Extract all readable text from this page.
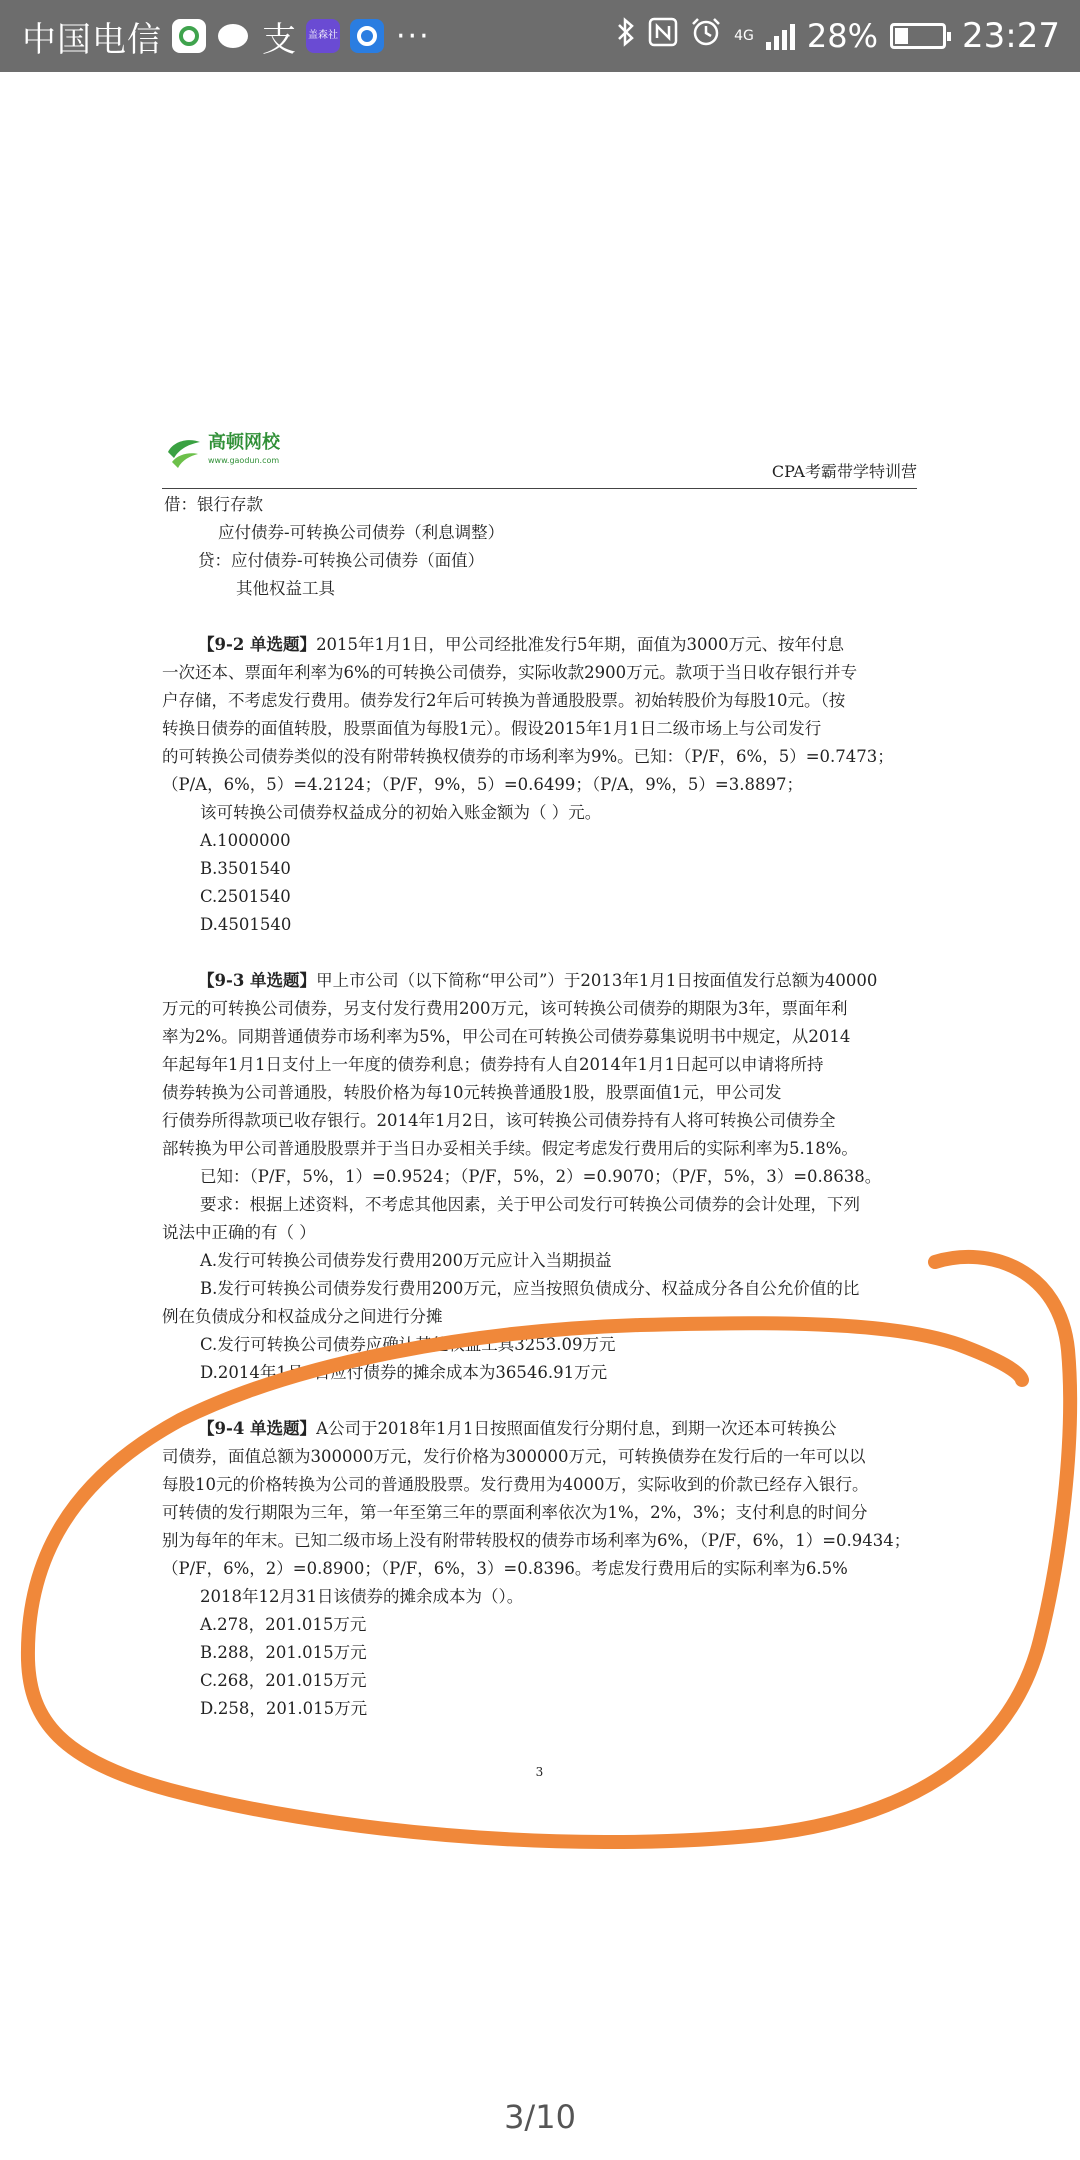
中国电信	支 盖森社 ···	4G 28% 23:27
高顿网校
www.gaodun.com
CPA考霸带学特训营
借：银行存款
应付债券-可转换公司债券（利息调整）
贷：应付债券-可转换公司债券（面值）
其他权益工具
【9-2 单选题】2015年1月1日，甲公司经批准发行5年期，面值为3000万元、按年付息
一次还本、票面年利率为6%的可转换公司债券，实际收款2900万元。款项于当日收存银行并专
户存储，不考虑发行费用。债券发行2年后可转换为普通股股票。初始转股价为每股10元。（按
转换日债券的面值转股，股票面值为每股1元）。假设2015年1月1日二级市场上与公司发行
的可转换公司债券类似的没有附带转换权债券的市场利率为9%。已知：（P/F，6%，5）=0.7473；
（P/A，6%，5）=4.2124；（P/F，9%，5）=0.6499；（P/A，9%，5）=3.8897；
该可转换公司债券权益成分的初始入账金额为（ ）元。
A.1000000
B.3501540
C.2501540
D.4501540
【9-3 单选题】甲上市公司（以下简称“甲公司”）于2013年1月1日按面值发行总额为40000
万元的可转换公司债券，另支付发行费用200万元，该可转换公司债券的期限为3年，票面年利
率为2%。同期普通债券市场利率为5%，甲公司在可转换公司债券募集说明书中规定，从2014
年起每年1月1日支付上一年度的债券利息；债券持有人自2014年1月1日起可以申请将所持
债券转换为公司普通股，转股价格为每10元转换普通股1股，股票面值1元，甲公司发
行债券所得款项已收存银行。2014年1月2日，该可转换公司债券持有人将可转换公司债券全
部转换为甲公司普通股股票并于当日办妥相关手续。假定考虑发行费用后的实际利率为5.18%。
已知：（P/F，5%，1）=0.9524；（P/F，5%，2）=0.9070；（P/F，5%，3）=0.8638。
要求：根据上述资料，不考虑其他因素，关于甲公司发行可转换公司债券的会计处理，下列
说法中正确的有（ ）
A.发行可转换公司债券发行费用200万元应计入当期损益
B.发行可转换公司债券发行费用200万元，应当按照负债成分、权益成分各自公允价值的比
例在负债成分和权益成分之间进行分摊
C.发行可转换公司债券应确认其他权益工具3253.09万元
D.2014年1月1日应付债券的摊余成本为36546.91万元
【9-4 单选题】A公司于2018年1月1日按照面值发行分期付息，到期一次还本可转换公
司债券，面值总额为300000万元，发行价格为300000万元，可转换债券在发行后的一年可以以
每股10元的价格转换为公司的普通股股票。发行费用为4000万，实际收到的价款已经存入银行。
可转债的发行期限为三年，第一年至第三年的票面利率依次为1%，2%，3%；支付利息的时间分
别为每年的年末。已知二级市场上没有附带转股权的债券市场利率为6%，（P/F，6%，1）=0.9434；
（P/F，6%，2）=0.8900；（P/F，6%，3）=0.8396。考虑发行费用后的实际利率为6.5%
2018年12月31日该债券的摊余成本为（）。
A.278，201.015万元
B.288，201.015万元
C.268，201.015万元
D.258，201.015万元
3
3/10
